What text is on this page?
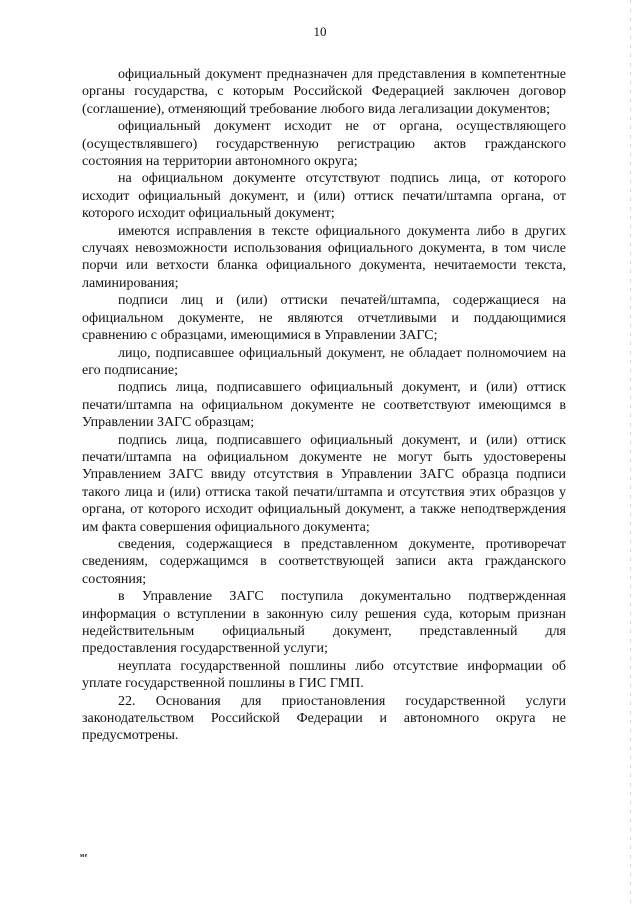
10

официальный документ предназначен для представления в компетентные органы государства, с которым Российской Федерацией заключен договор (соглашение), отменяющий требование любого вида легализации документов;

официальный документ исходит не от органа, осуществляющего (осуществлявшего) государственную регистрацию актов гражданского состояния на территории автономного округа;

на официальном документе отсутствуют подпись лица, от которого исходит официальный документ, и (или) оттиск печати/штампа органа, от которого исходит официальный документ;

имеются исправления в тексте официального документа либо в других случаях невозможности использования официального документа, в том числе порчи или ветхости бланка официального документа, нечитаемости текста, ламинирования;

подписи лиц и (или) оттиски печатей/штампа, содержащиеся на официальном документе, не являются отчетливыми и поддающимися сравнению с образцами, имеющимися в Управлении ЗАГС;

лицо, подписавшее официальный документ, не обладает полномочием на его подписание;

подпись лица, подписавшего официальный документ, и (или) оттиск печати/штампа на официальном документе не соответствуют имеющимся в Управлении ЗАГС образцам;

подпись лица, подписавшего официальный документ, и (или) оттиск печати/штампа на официальном документе не могут быть удостоверены Управлением ЗАГС ввиду отсутствия в Управлении ЗАГС образца подписи такого лица и (или) оттиска такой печати/штампа и отсутствия этих образцов у органа, от которого исходит официальный документ, а также неподтверждения им факта совершения официального документа;

сведения, содержащиеся в представленном документе, противоречат сведениям, содержащимся в соответствующей записи акта гражданского состояния;

в Управление ЗАГС поступила документально подтвержденная информация о вступлении в законную силу решения суда, которым признан недействительным официальный документ, представленный для предоставления государственной услуги;

неуплата государственной пошлины либо отсутствие информации об уплате государственной пошлины в ГИС ГМП.

22. Основания для приостановления государственной услуги законодательством Российской Федерации и автономного округа не предусмотрены.

ме
